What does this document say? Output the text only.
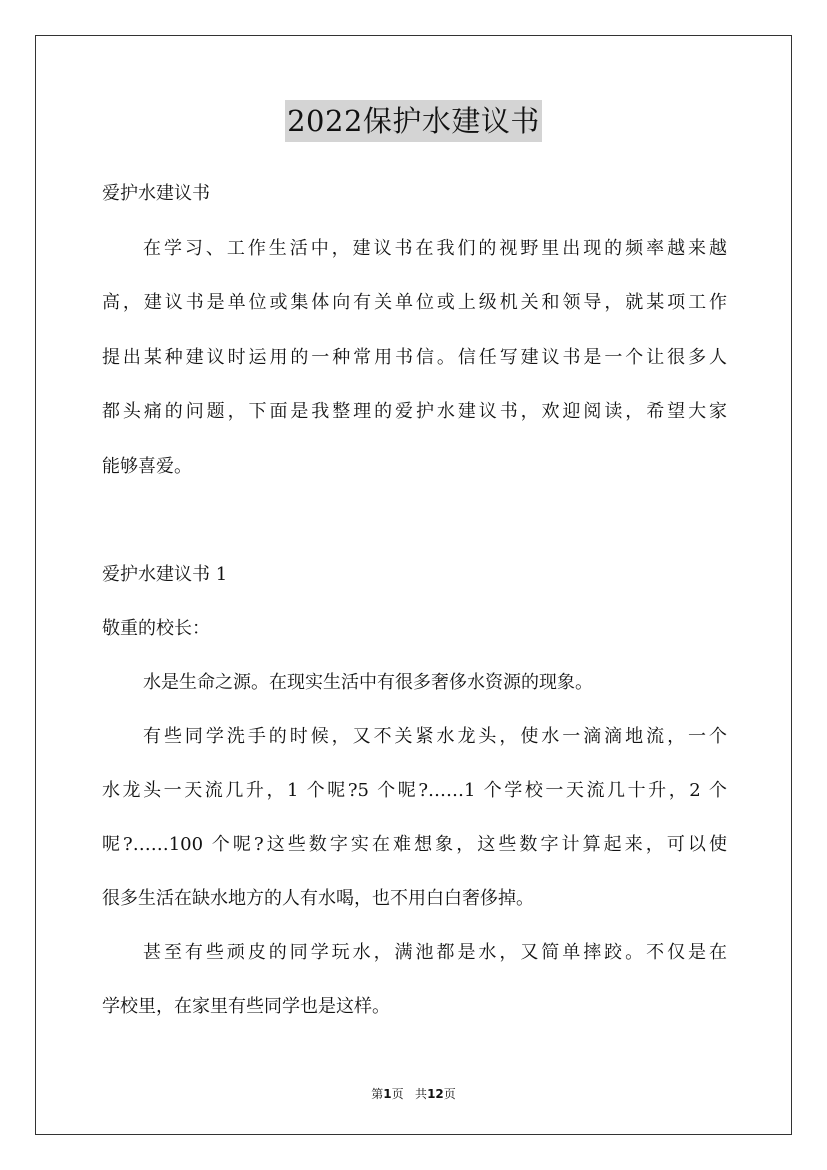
2022保护水建议书
爱护水建议书
在学习、工作生活中，建议书在我们的视野里出现的频率越来越
高，建议书是单位或集体向有关单位或上级机关和领导，就某项工作
提出某种建议时运用的一种常用书信。信任写建议书是一个让很多人
都头痛的问题，下面是我整理的爱护水建议书，欢迎阅读，希望大家
能够喜爱。
爱护水建议书 1
敬重的校长：
水是生命之源。在现实生活中有很多奢侈水资源的现象。
有些同学洗手的时候，又不关紧水龙头，使水一滴滴地流，一个
水龙头一天流几升，1 个呢?5 个呢?……1 个学校一天流几十升，2 个
呢?……100 个呢?这些数字实在难想象，这些数字计算起来，可以使
很多生活在缺水地方的人有水喝，也不用白白奢侈掉。
甚至有些顽皮的同学玩水，满池都是水，又简单摔跤。不仅是在
学校里，在家里有些同学也是这样。
第1页 共12页
